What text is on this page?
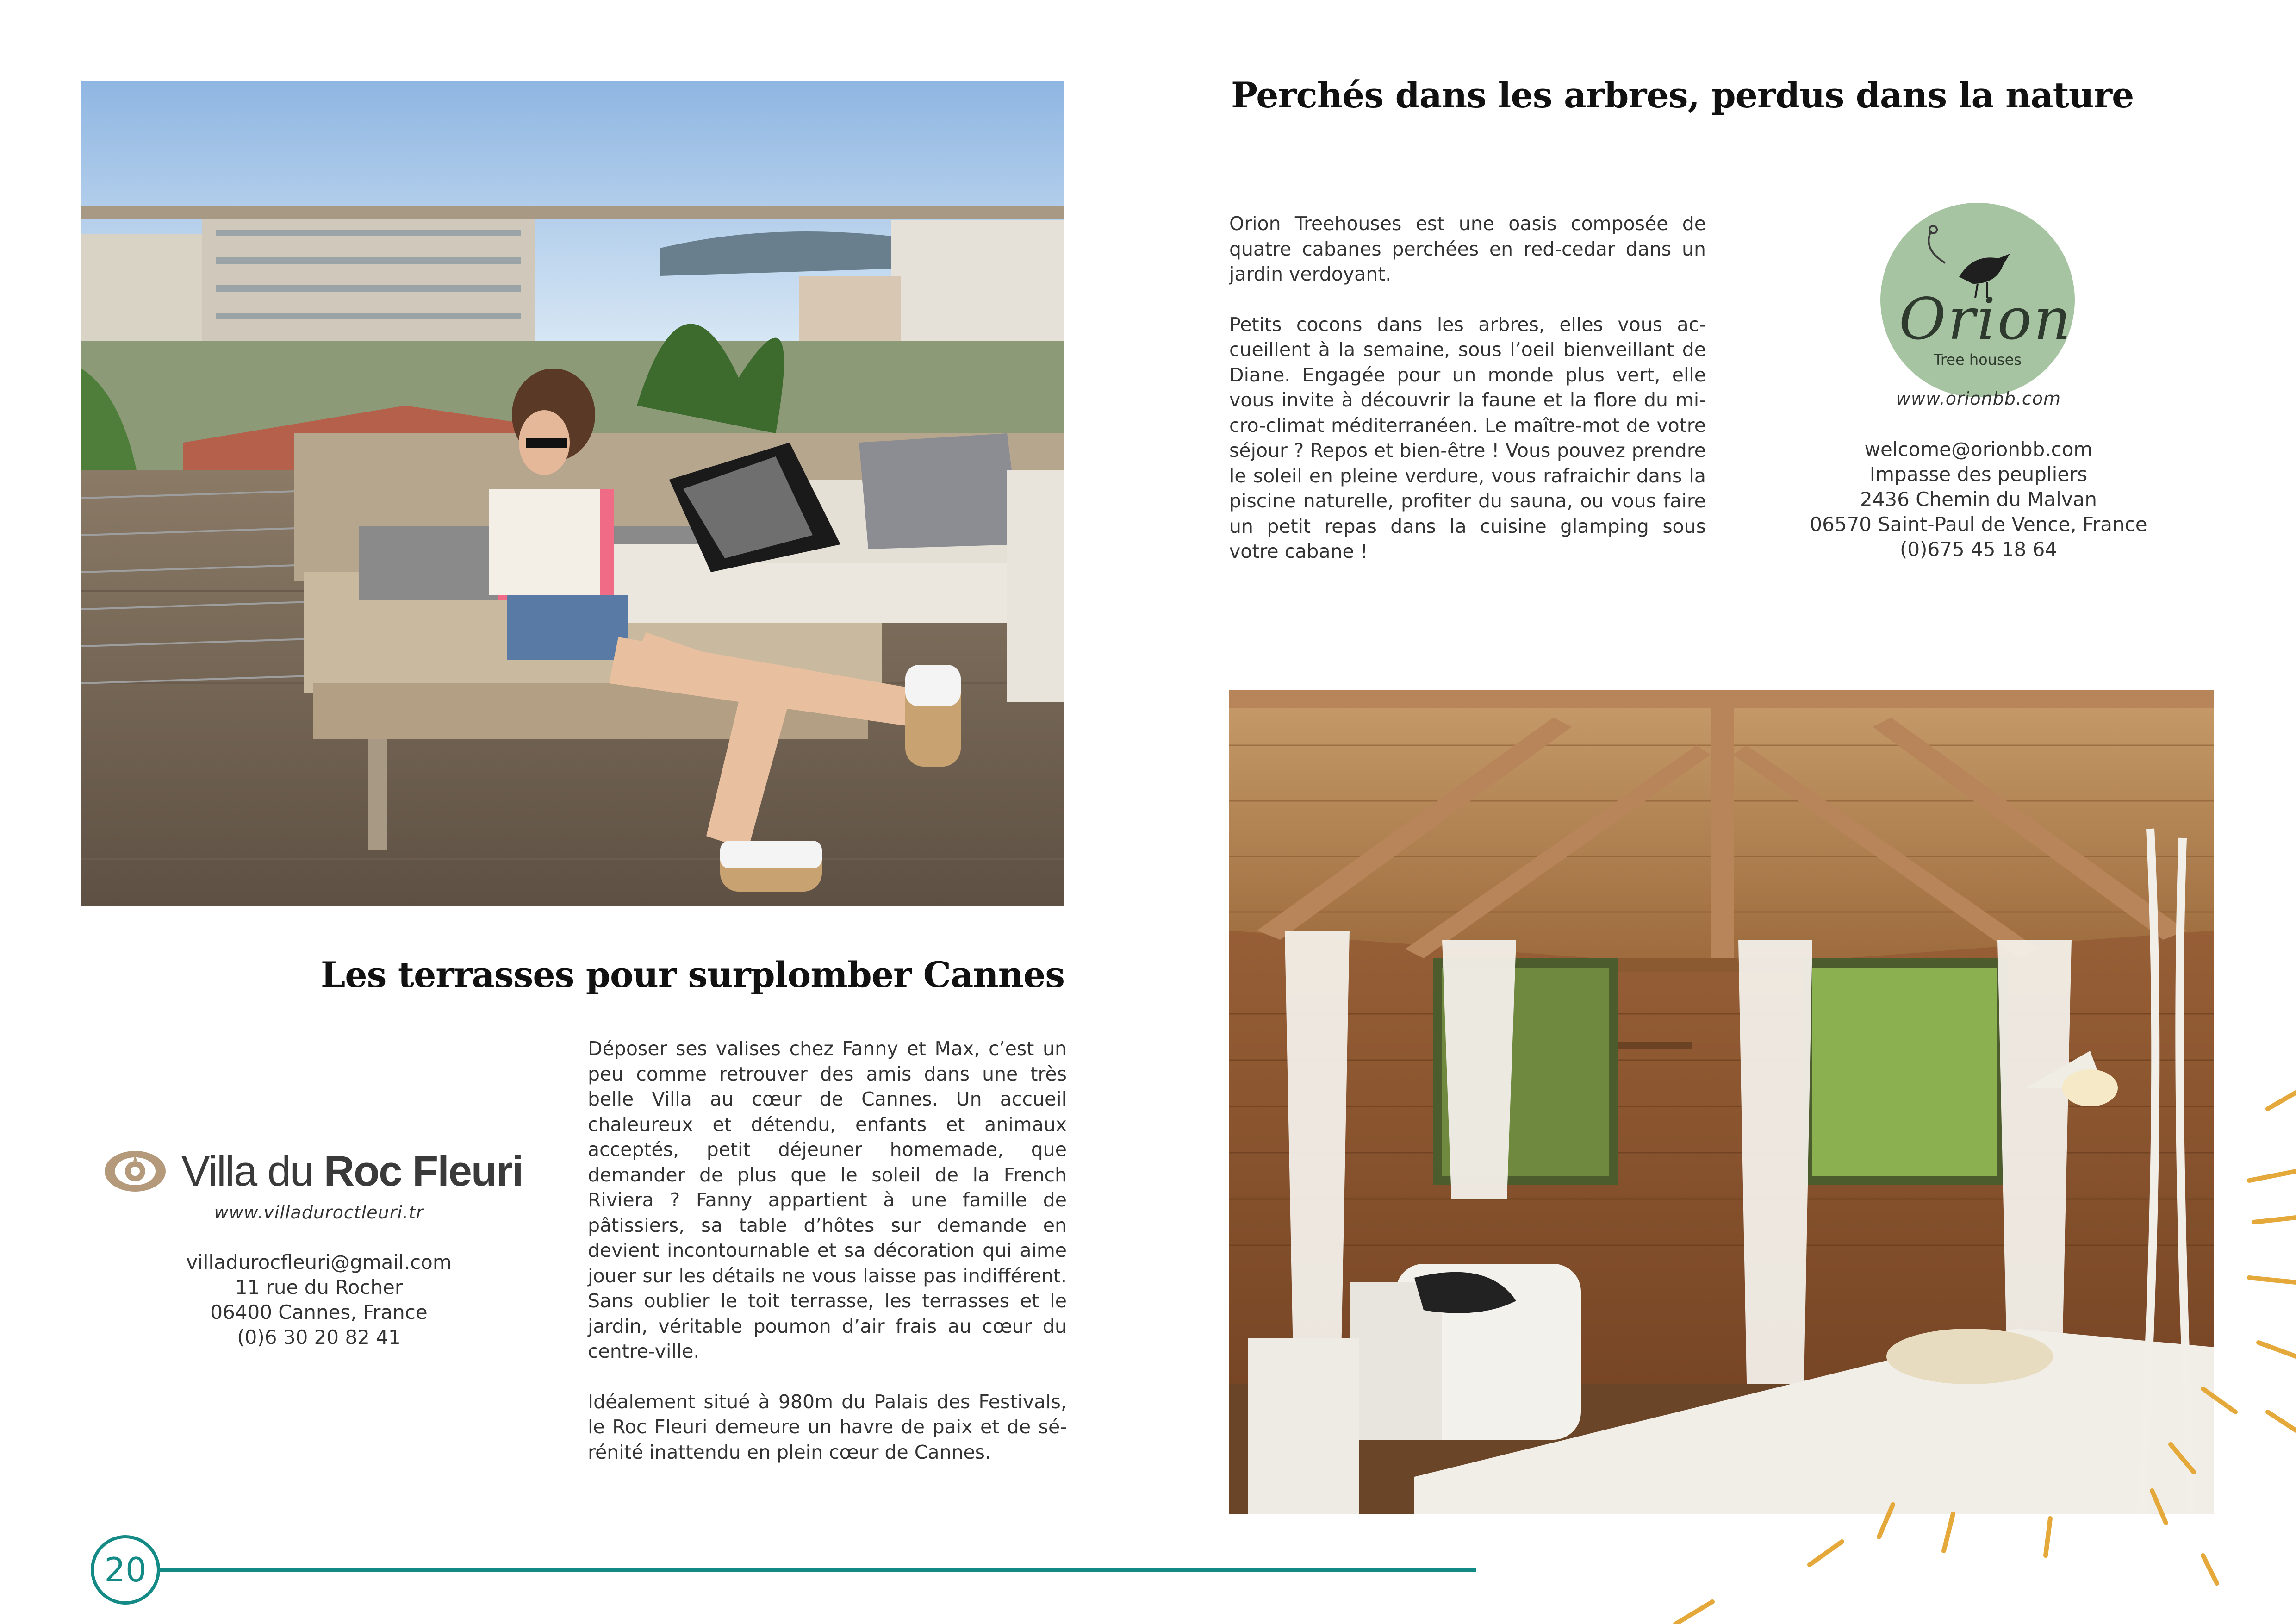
Les terrasses pour surplomber Cannes
Villa du Roc Fleuri
www.villaduroctleuri.tr
villadurocfleuri@gmail.com
11 rue du Rocher
06400 Cannes, France
(0)6 30 20 82 41

Déposer ses valises chez Fanny et Max, c’est un peu comme retrouver des amis dans une très belle Villa au cœur de Cannes. Un accueil chaleureux et détendu, enfants et animaux acceptés, petit déjeuner homemade, que demander de plus que le soleil de la French Riviera ? Fanny appartient à une famille de pâtissiers, sa table d’hôtes sur demande en devient incontournable et sa décoration qui aime jouer sur les détails ne vous laisse pas indifférent. Sans oublier le toit terrasse, les terrasses et le jardin, véritable poumon d’air frais au cœur du centre-ville.

Idéalement situé à 980m du Palais des Festivals, le Roc Fleuri demeure un havre de paix et de sérénité inattendu en plein cœur de Cannes.

20
Perchés dans les arbres, perdus dans la nature

Orion Treehouses est une oasis composée de quatre cabanes perchées en red-cedar dans un jardin verdoyant.

Petits cocons dans les arbres, elles vous accueillent à la semaine, sous l’oeil bienveillant de Diane. Engagée pour un monde plus vert, elle vous invite à découvrir la faune et la flore du micro-climat méditerranéen. Le maître-mot de votre séjour ? Repos et bien-être ! Vous pouvez prendre le soleil en pleine verdure, vous rafraichir dans la piscine naturelle, profiter du sauna, ou vous faire un petit repas dans la cuisine glamping sous votre cabane !

Orion
Tree houses
www.orionbb.com
welcome@orionbb.com
Impasse des peupliers
2436 Chemin du Malvan
06570 Saint-Paul de Vence, France
(0)675 45 18 64
